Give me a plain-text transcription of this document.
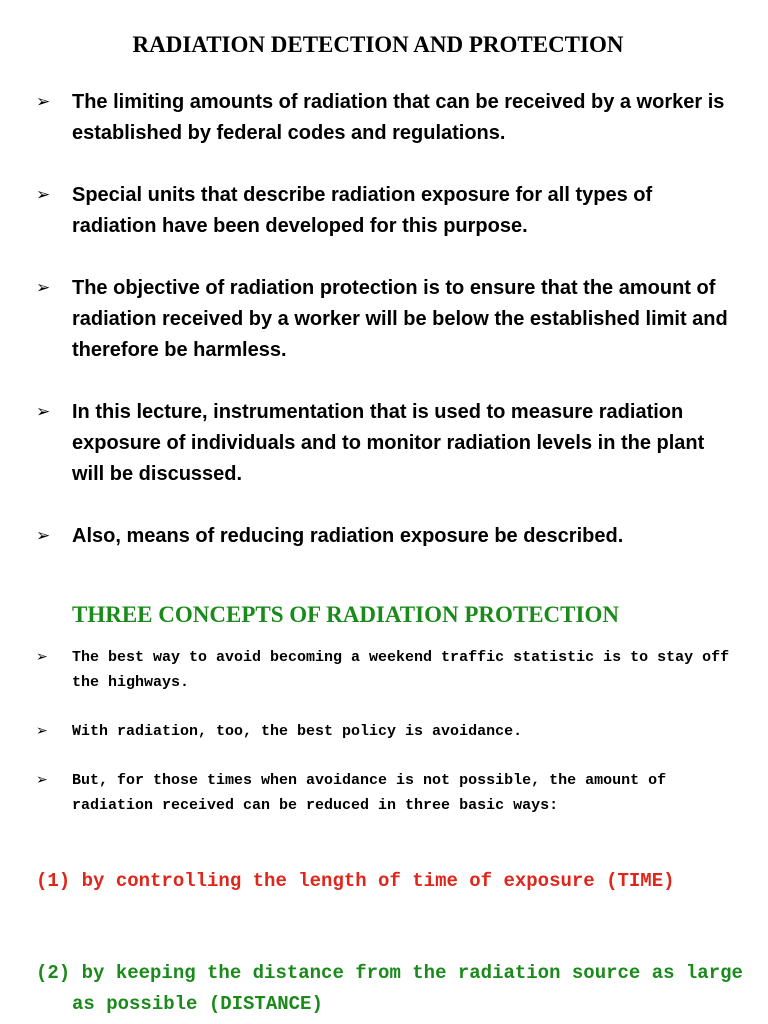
RADIATION DETECTION AND PROTECTION
➢ The limiting amounts of radiation that can be received by a worker is established by federal codes and regulations.
➢ Special units that describe radiation exposure for all types of radiation have been developed for this purpose.
➢ The objective of radiation protection is to ensure that the amount of radiation received by a worker will be below the established limit and therefore be harmless.
➢ In this lecture, instrumentation that is used to measure radiation exposure of individuals and to monitor radiation levels in the plant will be discussed.
➢ Also, means of reducing radiation exposure be described.
THREE CONCEPTS OF RADIATION PROTECTION
➢ The best way to avoid becoming a weekend traffic statistic is to stay off the highways.
➢ With radiation, too, the best policy is avoidance.
➢ But, for those times when avoidance is not possible, the amount of radiation received can be reduced in three basic ways:

(1) by controlling the length of time of exposure (TIME)

(2) by keeping the distance from the radiation source as large as possible (DISTANCE)
